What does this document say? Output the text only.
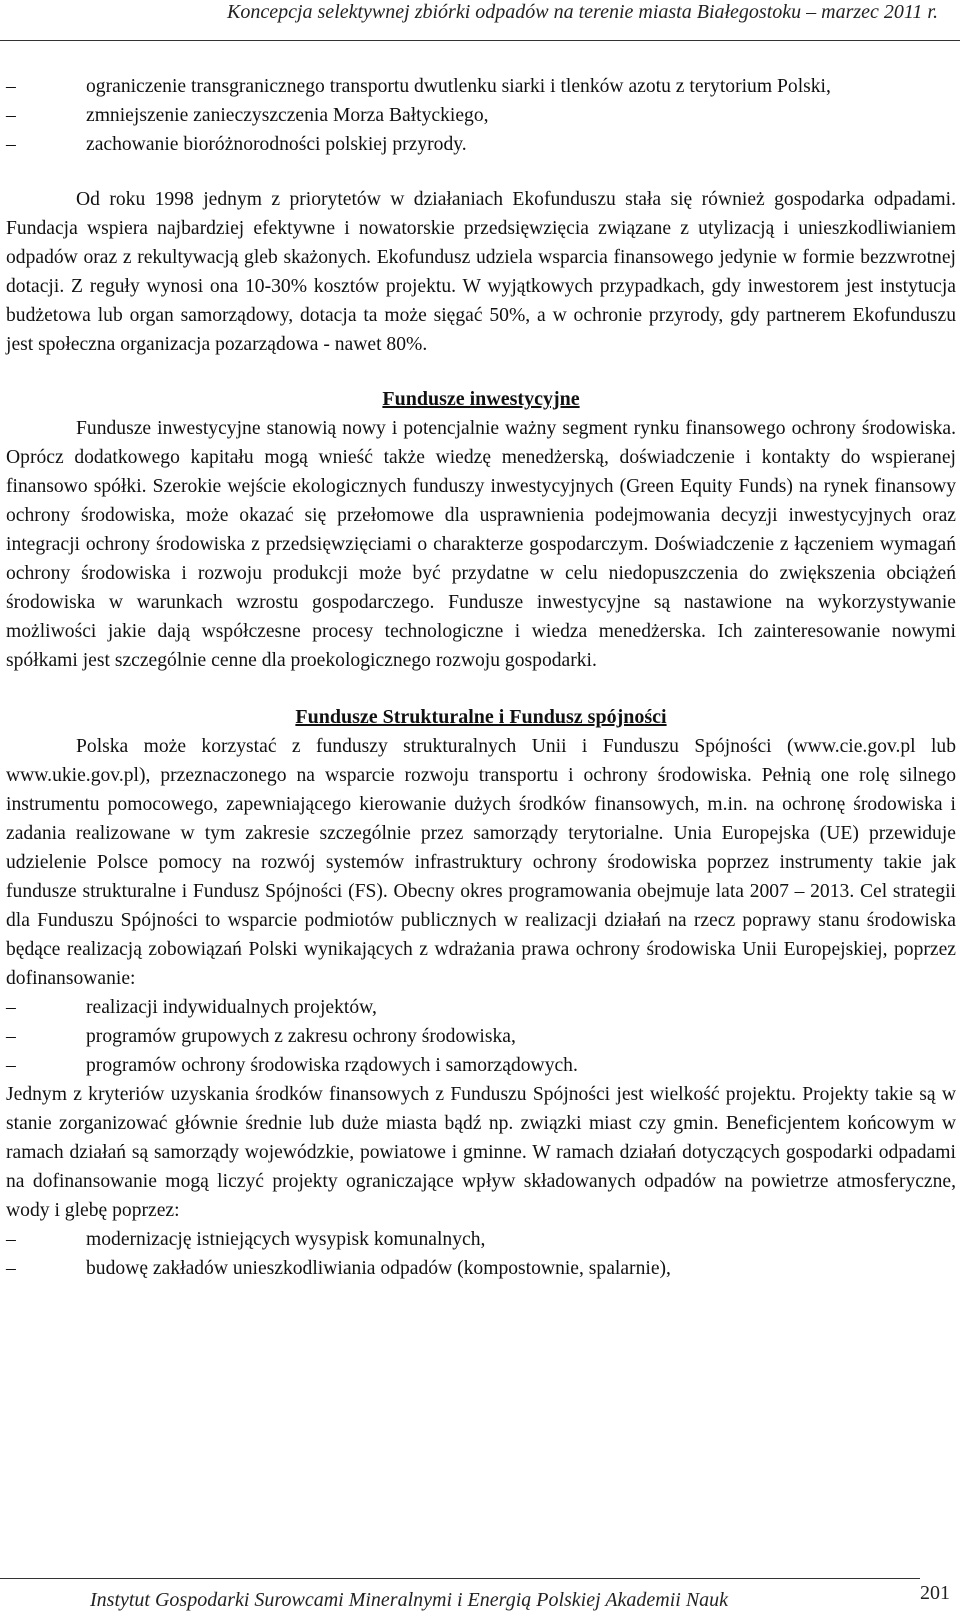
Koncepcja selektywnej zbiórki odpadów na terenie miasta Białegostoku – marzec 2011 r.
– ograniczenie transgranicznego transportu dwutlenku siarki i tlenków azotu z terytorium Polski,
– zmniejszenie zanieczyszczenia Morza Bałtyckiego,
– zachowanie bioróżnorodności polskiej przyrody.

Od roku 1998 jednym z priorytetów w działaniach Ekofunduszu stała się również gospodarka odpadami. Fundacja wspiera najbardziej efektywne i nowatorskie przedsięwzięcia związane z utylizacją i unieszkodliwianiem odpadów oraz z rekultywacją gleb skażonych. Ekofundusz udziela wsparcia finansowego jedynie w formie bezzwrotnej dotacji. Z reguły wynosi ona 10-30% kosztów projektu. W wyjątkowych przypadkach, gdy inwestorem jest instytucja budżetowa lub organ samorządowy, dotacja ta może sięgać 50%, a w ochronie przyrody, gdy partnerem Ekofunduszu jest społeczna organizacja pozarządowa - nawet 80%.

Fundusze inwestycyjne

Fundusze inwestycyjne stanowią nowy i potencjalnie ważny segment rynku finansowego ochrony środowiska. Oprócz dodatkowego kapitału mogą wnieść także wiedzę menedżerską, doświadczenie i kontakty do wspieranej finansowo spółki. Szerokie wejście ekologicznych funduszy inwestycyjnych (Green Equity Funds) na rynek finansowy ochrony środowiska, może okazać się przełomowe dla usprawnienia podejmowania decyzji inwestycyjnych oraz integracji ochrony środowiska z przedsięwzięciami o charakterze gospodarczym. Doświadczenie z łączeniem wymagań ochrony środowiska i rozwoju produkcji może być przydatne w celu niedopuszczenia do zwiększenia obciążeń środowiska w warunkach wzrostu gospodarczego. Fundusze inwestycyjne są nastawione na wykorzystywanie możliwości jakie dają współczesne procesy technologiczne i wiedza menedżerska. Ich zainteresowanie nowymi spółkami jest szczególnie cenne dla proekologicznego rozwoju gospodarki.

Fundusze Strukturalne i Fundusz spójności

Polska może korzystać z funduszy strukturalnych Unii i Funduszu Spójności (www.cie.gov.pl lub www.ukie.gov.pl), przeznaczonego na wsparcie rozwoju transportu i ochrony środowiska. Pełnią one rolę silnego instrumentu pomocowego, zapewniającego kierowanie dużych środków finansowych, m.in. na ochronę środowiska i zadania realizowane w tym zakresie szczególnie przez samorządy terytorialne. Unia Europejska (UE) przewiduje udzielenie Polsce pomocy na rozwój systemów infrastruktury ochrony środowiska poprzez instrumenty takie jak fundusze strukturalne i Fundusz Spójności (FS). Obecny okres programowania obejmuje lata 2007 – 2013. Cel strategii dla Funduszu Spójności to wsparcie podmiotów publicznych w realizacji działań na rzecz poprawy stanu środowiska będące realizacją zobowiązań Polski wynikających z wdrażania prawa ochrony środowiska Unii Europejskiej, poprzez dofinansowanie:

– realizacji indywidualnych projektów,
– programów grupowych z zakresu ochrony środowiska,
– programów ochrony środowiska rządowych i samorządowych.

Jednym z kryteriów uzyskania środków finansowych z Funduszu Spójności jest wielkość projektu. Projekty takie są w stanie zorganizować głównie średnie lub duże miasta bądź np. związki miast czy gmin. Beneficjentem końcowym w ramach działań są samorządy wojewódzkie, powiatowe i gminne. W ramach działań dotyczących gospodarki odpadami na dofinansowanie mogą liczyć projekty ograniczające wpływ składowanych odpadów na powietrze atmosferyczne, wody i glebę poprzez:

– modernizację istniejących wysypisk komunalnych,
– budowę zakładów unieszkodliwiania odpadów (kompostownie, spalarnie),
Instytut Gospodarki Surowcami Mineralnymi i Energią Polskiej Akademii Nauk	201
